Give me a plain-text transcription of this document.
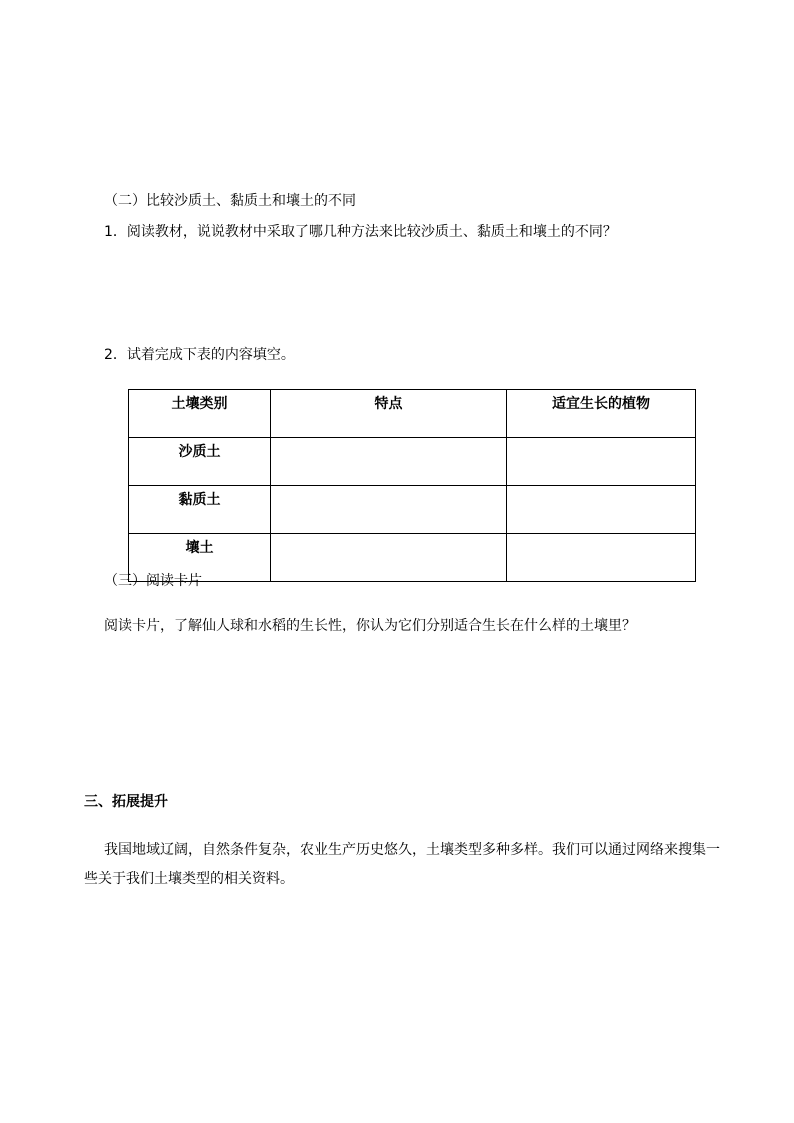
（二）比较沙质土、黏质土和壤土的不同
1．阅读教材，说说教材中采取了哪几种方法来比较沙质土、黏质土和壤土的不同？
2．试着完成下表的内容填空。
土壤类别	特点	适宜生长的植物
沙质土		
黏质土		
壤土		
（三）阅读卡片
阅读卡片，了解仙人球和水稻的生长性，你认为它们分别适合生长在什么样的土壤里？
三、拓展提升
我国地域辽阔，自然条件复杂，农业生产历史悠久，土壤类型多种多样。我们可以通过网络来搜集一些关于我们土壤类型的相关资料。
